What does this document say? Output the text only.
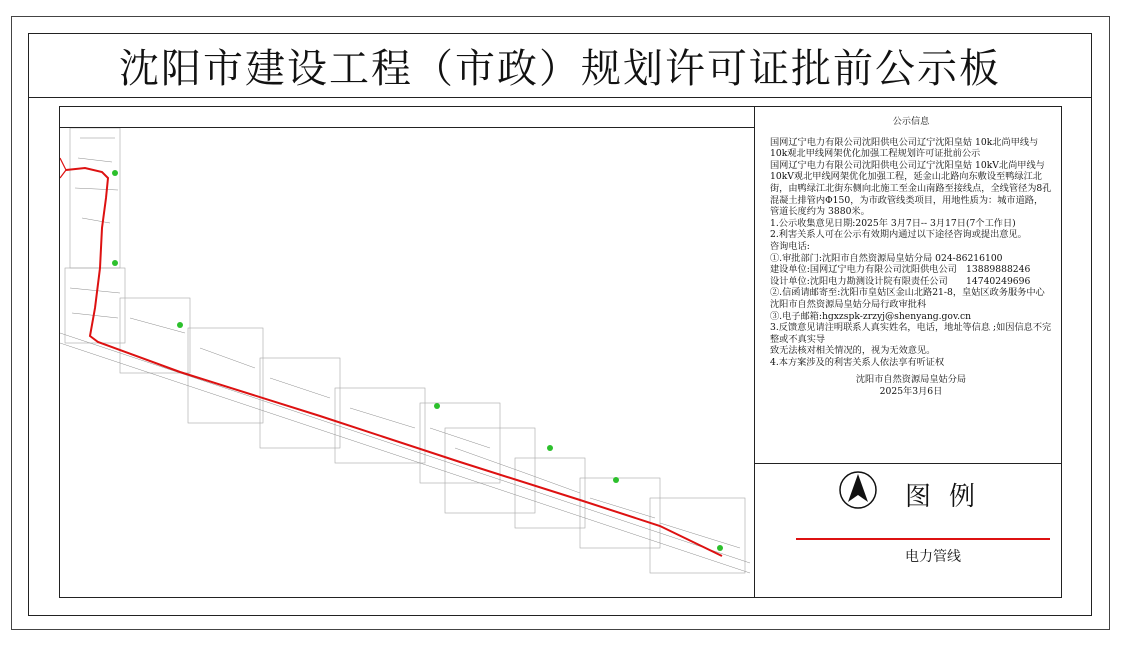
沈阳市建设工程（市政）规划许可证批前公示板
公示信息

国网辽宁电力有限公司沈阳供电公司辽宁沈阳皇姑 10k北尚甲线与10k观北甲线网架优化加强工程规划许可证批前公示

国网辽宁电力有限公司沈阳供电公司辽宁沈阳皇姑 10kV北尚甲线与10kV观北甲线网架优化加强工程，延金山北路向东敷设至鸭绿江北街，由鸭绿江北街东侧向北施工至金山南路至接线点，全线管径为8孔混凝土排管内Φ150，为市政管线类项目，用地性质为：城市道路，管道长度约为 3880米。

1.公示收集意见日期:2025年 3月7日-- 3月17日(7个工作日)

2.利害关系人可在公示有效期内通过以下途径咨询或提出意见。

咨询电话:

①.审批部门:沈阳市自然资源局皇姑分局 024-86216100

建设单位:国网辽宁电力有限公司沈阳供电公司　13889888246

设计单位:沈阳电力勘测设计院有限责任公司　　14740249696

②.信函请邮寄至:沈阳市皇姑区金山北路21-8，皇姑区政务服务中心沈阳市自然资源局皇姑分局行政审批科

③.电子邮箱:hgxzspk-zrzyj@shenyang.gov.cn

3.反馈意见请注明联系人真实姓名，电话，地址等信息 ;如因信息不完整或不真实导

致无法核对相关情况的，视为无效意见。

4.本方案涉及的利害关系人依法享有听证权

沈阳市自然资源局皇姑分局
2025年3月6日
图例
电力管线
